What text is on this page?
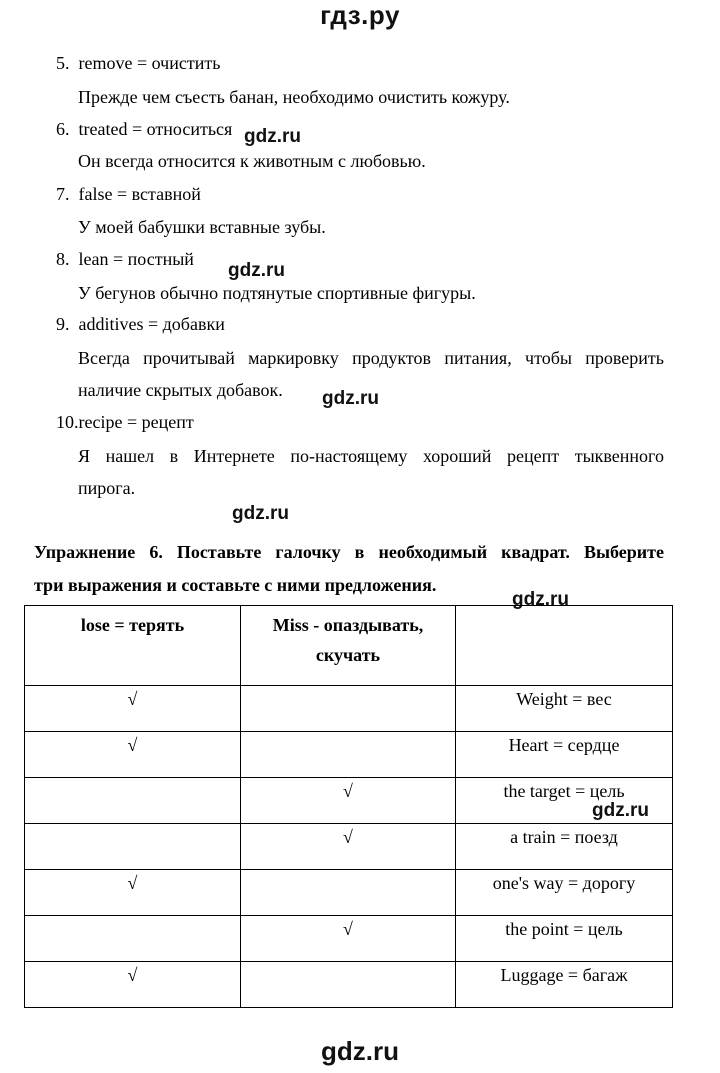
гдз.ру
5. remove = очистить
Прежде чем съесть банан, необходимо очистить кожуру.
6. treated = относиться gdz.ru
Он всегда относится к животным с любовью.
7. false = вставной
У моей бабушки вставные зубы.
8. lean = постный
gdz.ru
У бегунов обычно подтянутые спортивные фигуры.
9. additives = добавки
Всегда прочитывай маркировку продуктов питания, чтобы проверить
наличие скрытых добавок. gdz.ru
10.recipe = рецепт
Я нашел в Интернете по-настоящему хороший рецепт тыквенного
пирога.
gdz.ru
Упражнение 6. Поставьте галочку в необходимый квадрат. Выберите
три выражения и составьте с ними предложения.
gdz.ru
lose = терять	Miss - опаздывать,
скучать	

√		Weight = вес

√		Heart = сердце

	√	the target = цель

	√	a train = поезд

√		one's way = дорогу

	√	the point = цель

√		Luggage = багаж
gdz.ru
gdz.ru
